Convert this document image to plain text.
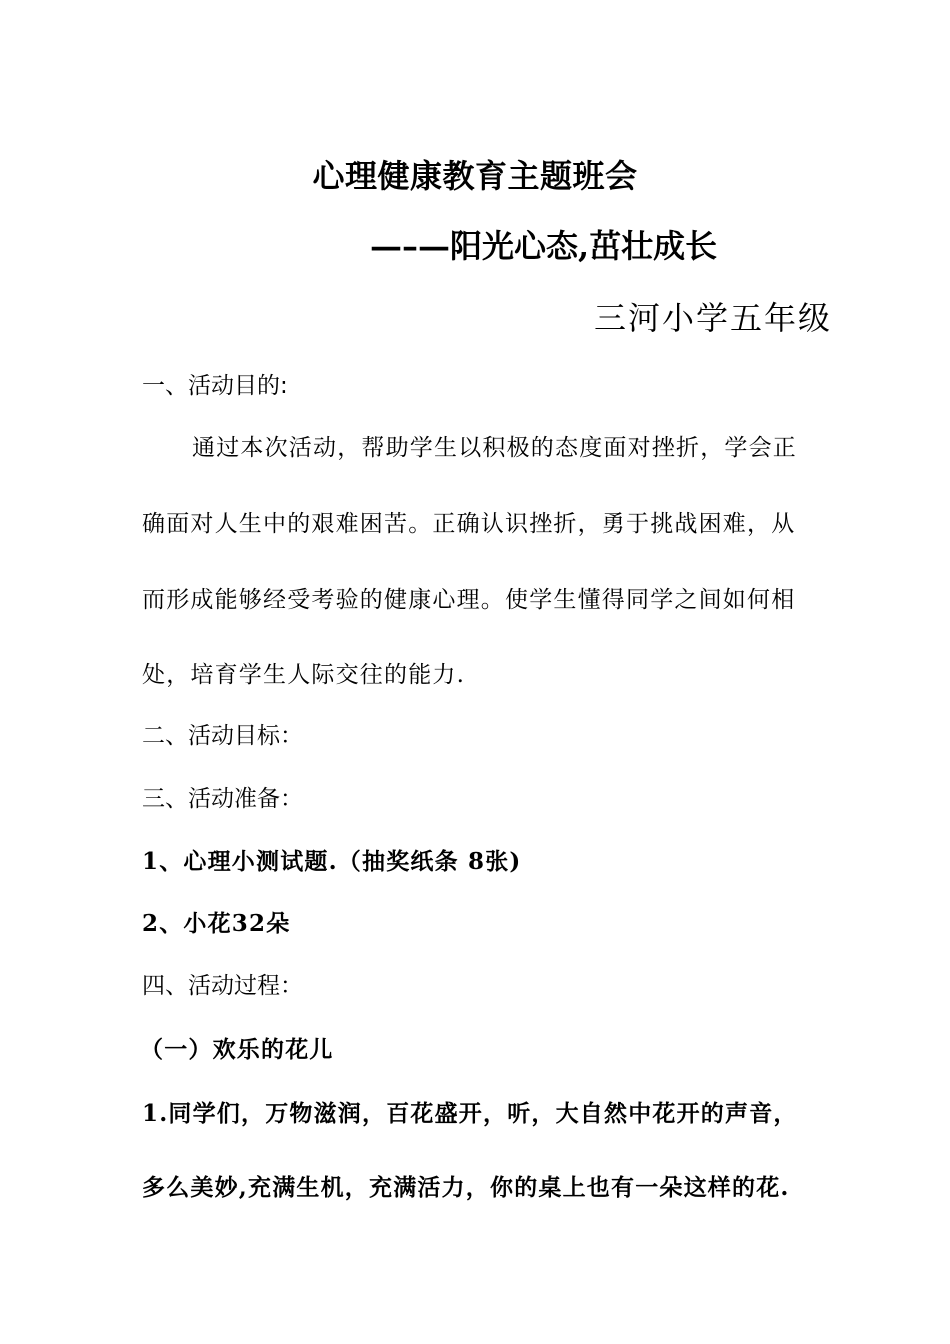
心理健康教育主题班会
—–—阳光心态,茁壮成长
三河小学五年级
一、活动目的:
通过本次活动，帮助学生以积极的态度面对挫折，学会正
确面对人生中的艰难困苦。正确认识挫折，勇于挑战困难，从
而形成能够经受考验的健康心理。使学生懂得同学之间如何相
处，培育学生人际交往的能力.
二、活动目标：
三、活动准备：
1、心理小测试题.（抽奖纸条 8张)
2、小花32朵
四、活动过程：
（一）欢乐的花儿
1.同学们，万物滋润，百花盛开，听，大自然中花开的声音，
多么美妙,充满生机，充满活力，你的桌上也有一朵这样的花.
